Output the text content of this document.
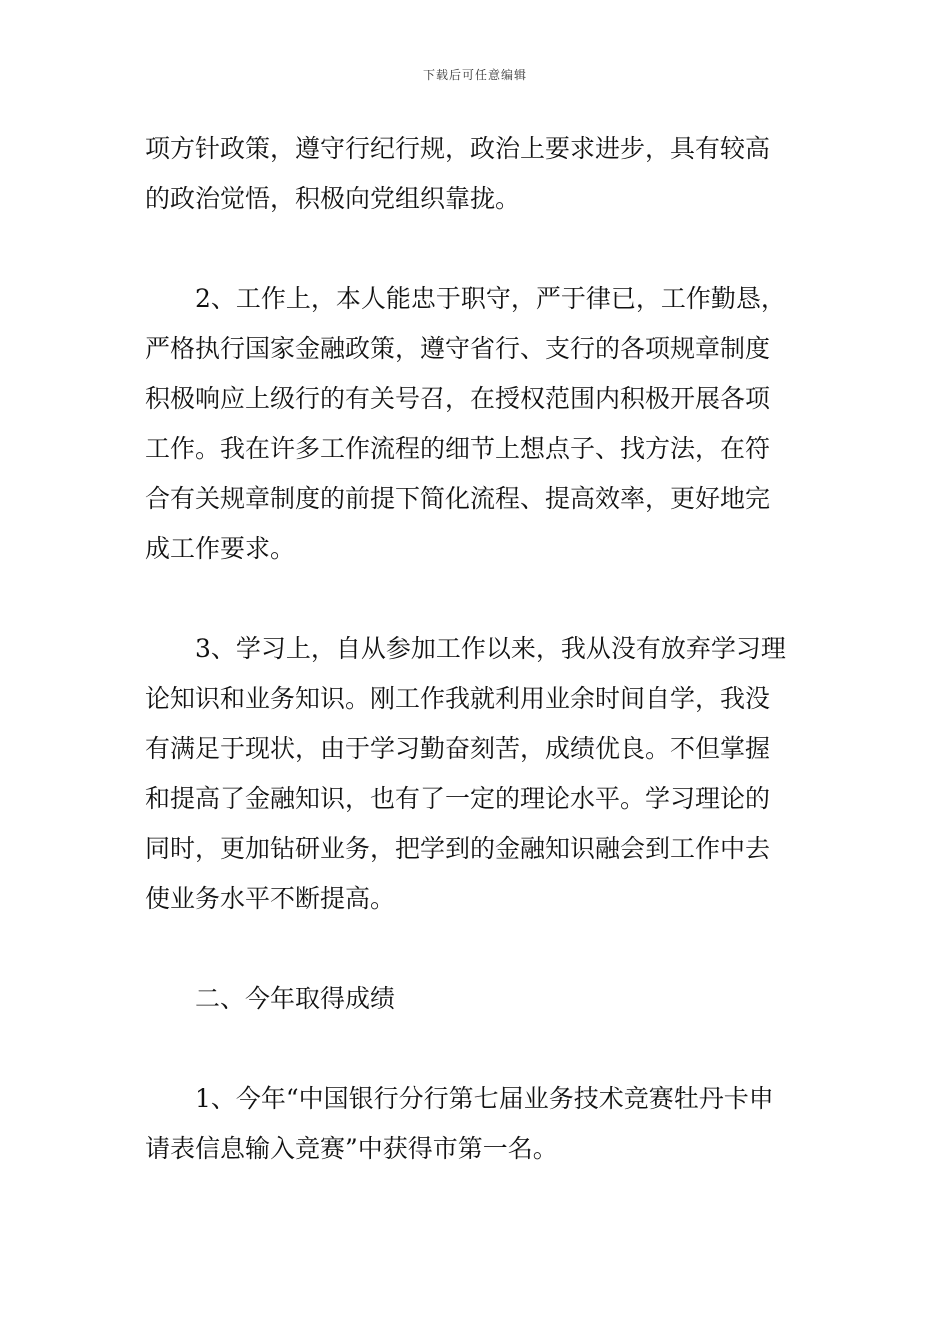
下载后可任意编辑
项方针政策，遵守行纪行规，政治上要求进步，具有较高
的政治觉悟，积极向党组织靠拢。
2、工作上，本人能忠于职守，严于律已，工作勤恳，
严格执行国家金融政策，遵守省行、支行的各项规章制度
积极响应上级行的有关号召，在授权范围内积极开展各项
工作。我在许多工作流程的细节上想点子、找方法，在符
合有关规章制度的前提下简化流程、提高效率，更好地完
成工作要求。
3、学习上，自从参加工作以来，我从没有放弃学习理
论知识和业务知识。刚工作我就利用业余时间自学，我没
有满足于现状，由于学习勤奋刻苦，成绩优良。不但掌握
和提高了金融知识，也有了一定的理论水平。学习理论的
同时，更加钻研业务，把学到的金融知识融会到工作中去
使业务水平不断提高。
二、今年取得成绩
1、今年“中国银行分行第七届业务技术竞赛牡丹卡申
请表信息输入竞赛”中获得市第一名。
